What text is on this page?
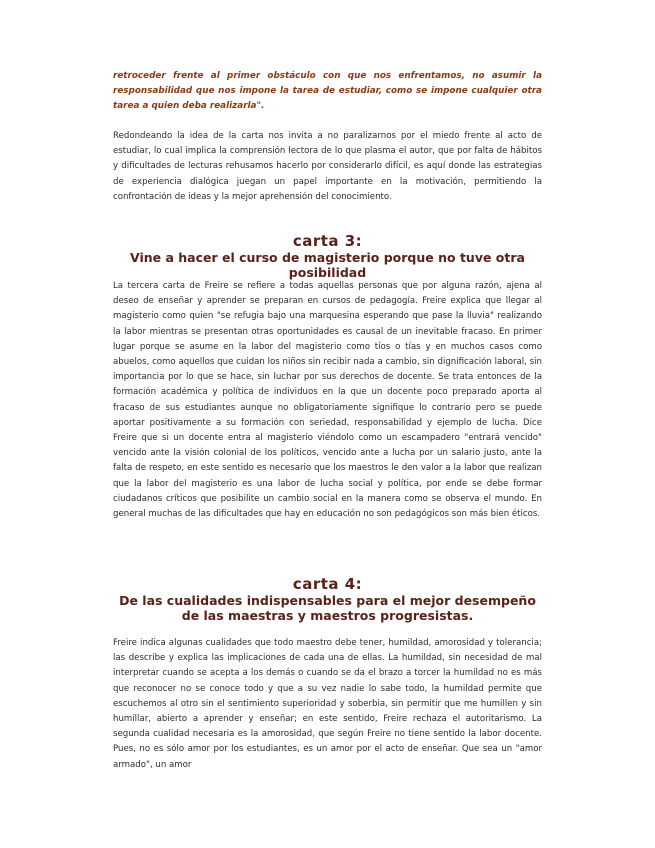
retroceder frente al primer obstáculo con que nos enfrentamos, no asumir la responsabilidad que nos impone la tarea de estudiar, como se impone cualquier otra tarea a quien deba realizarla".

Redondeando la idea de la carta nos invita a no paralizarnos por el miedo frente al acto de estudiar, lo cual implica la comprensión lectora de lo que plasma el autor, que por falta de hábitos y dificultades de lecturas rehusamos hacerlo por considerarlo difícil, es aquí donde las estrategias de experiencia dialógica juegan un papel importante en la motivación, permitiendo la confrontación de ideas y la mejor aprehensión del conocimiento.

carta 3:
Vine a hacer el curso de magisterio porque no tuve otra posibilidad

La tercera carta de Freire se refiere a todas aquellas personas que por alguna razón, ajena al deseo de enseñar y aprender se preparan en cursos de pedagogía. Freire explica que llegar al magisterio como quien "se refugia bajo una marquesina esperando que pase la lluvia" realizando la labor mientras se presentan otras oportunidades es causal de un inevitable fracaso. En primer lugar porque se asume en la labor del magisterio como tíos o tías y en muchos casos como abuelos, como aquellos que cuidan los niños sin recibir nada a cambio, sin dignificación laboral, sin importancia por lo que se hace, sin luchar por sus derechos de docente. Se trata entonces de la formación académica y política de individuos en la que un docente poco preparado aporta al fracaso de sus estudiantes aunque no obligatoriamente signifique lo contrario pero se puede aportar positivamente a su formación con seriedad, responsabilidad y ejemplo de lucha. Dice Freire que si un docente entra al magisterio viéndolo como un escampadero "entrará vencido" vencido ante la visión colonial de los políticos, vencido ante a lucha por un salario justo, ante la falta de respeto, en este sentido es necesario que los maestros le den valor a la labor que realizan que la labor del magisterio es una labor de lucha social y política, por ende se debe formar ciudadanos críticos que posibilite un cambio social en la manera como se observa el mundo. En general muchas de las dificultades que hay en educación no son pedagógicos son más bien éticos.

carta 4:
De las cualidades indispensables para el mejor desempeño de las maestras y maestros progresistas.

Freire indica algunas cualidades que todo maestro debe tener, humildad, amorosidad y tolerancia; las describe y explica las implicaciones de cada una de ellas. La humildad, sin necesidad de mal interpretar cuando se acepta a los demás o cuando se da el brazo a torcer la humildad no es más que reconocer no se conoce todo y que a su vez nadie lo sabe todo, la humildad permite que escuchemos al otro sin el sentimiento superioridad y soberbia, sin permitir que me humillen y sin humillar, abierto a aprender y enseñar; en este sentido, Freire rechaza el autoritarismo. La segunda cualidad necesaria es la amorosidad, que según Freire no tiene sentido la labor docente. Pues, no es sólo amor por los estudiantes, es un amor por el acto de enseñar. Que sea un "amor armado", un amor
